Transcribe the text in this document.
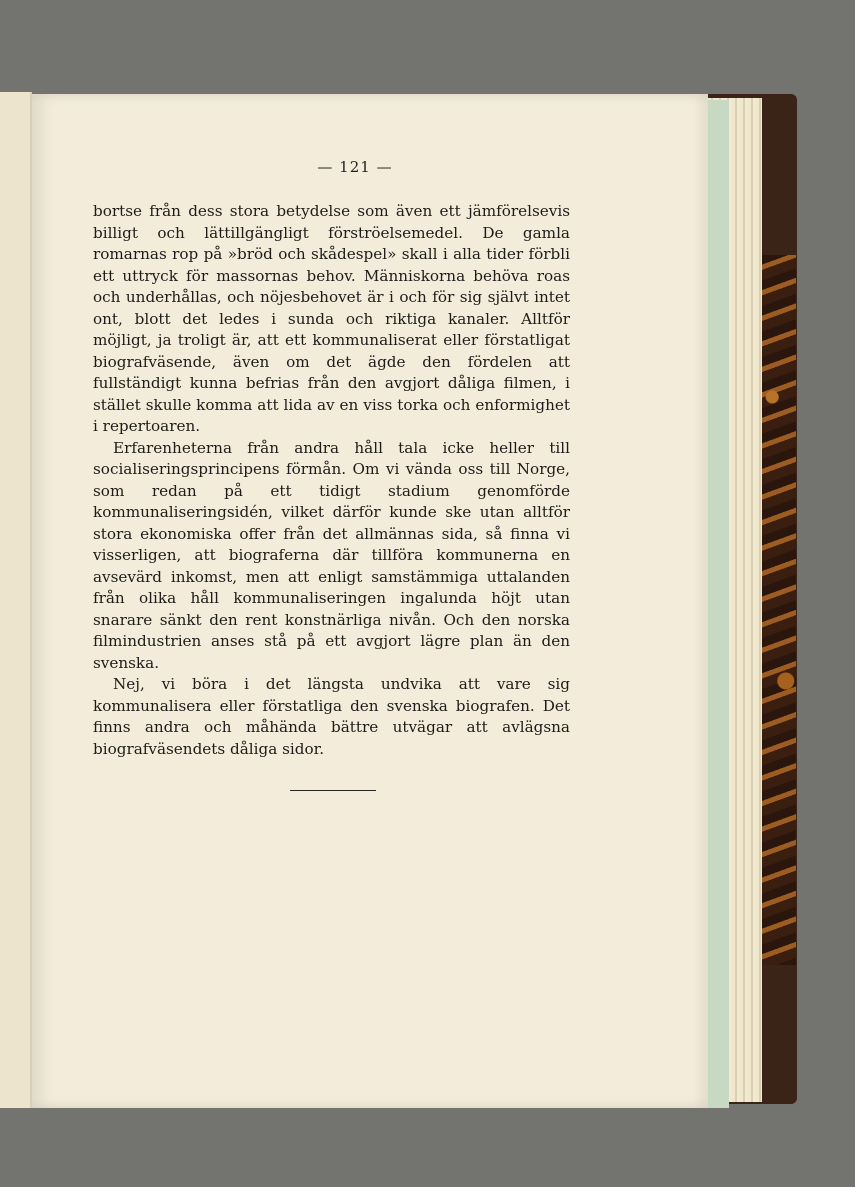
— 121 —

bortse från dess stora betydelse som även ett jämförelsevis billigt och lättillgängligt förströelsemedel. De gamla romarnas rop på »bröd och skådespel» skall i alla tider förbli ett uttryck för massornas behov. Människorna behöva roas och underhållas, och nöjesbehovet är i och för sig självt intet ont, blott det ledes i sunda och riktiga kanaler. Alltför möjligt, ja troligt är, att ett kommunaliserat eller förstatligat biografväsende, även om det ägde den fördelen att fullständigt kunna befrias från den avgjort dåliga filmen, i stället skulle komma att lida av en viss torka och enformighet i repertoaren.

Erfarenheterna från andra håll tala icke heller till socialiseringsprincipens förmån. Om vi vända oss till Norge, som redan på ett tidigt stadium genomförde kommunaliseringsidén, vilket därför kunde ske utan alltför stora ekonomiska offer från det allmännas sida, så finna vi visserligen, att biograferna där tillföra kommunerna en avsevärd inkomst, men att enligt samstämmiga uttalanden från olika håll kommunaliseringen ingalunda höjt utan snarare sänkt den rent konstnärliga nivån. Och den norska filmindustrien anses stå på ett avgjort lägre plan än den svenska.

Nej, vi böra i det längsta undvika att vare sig kommunalisera eller förstatliga den svenska biografen. Det finns andra och måhända bättre utvägar att avlägsna biografväsendets dåliga sidor.
